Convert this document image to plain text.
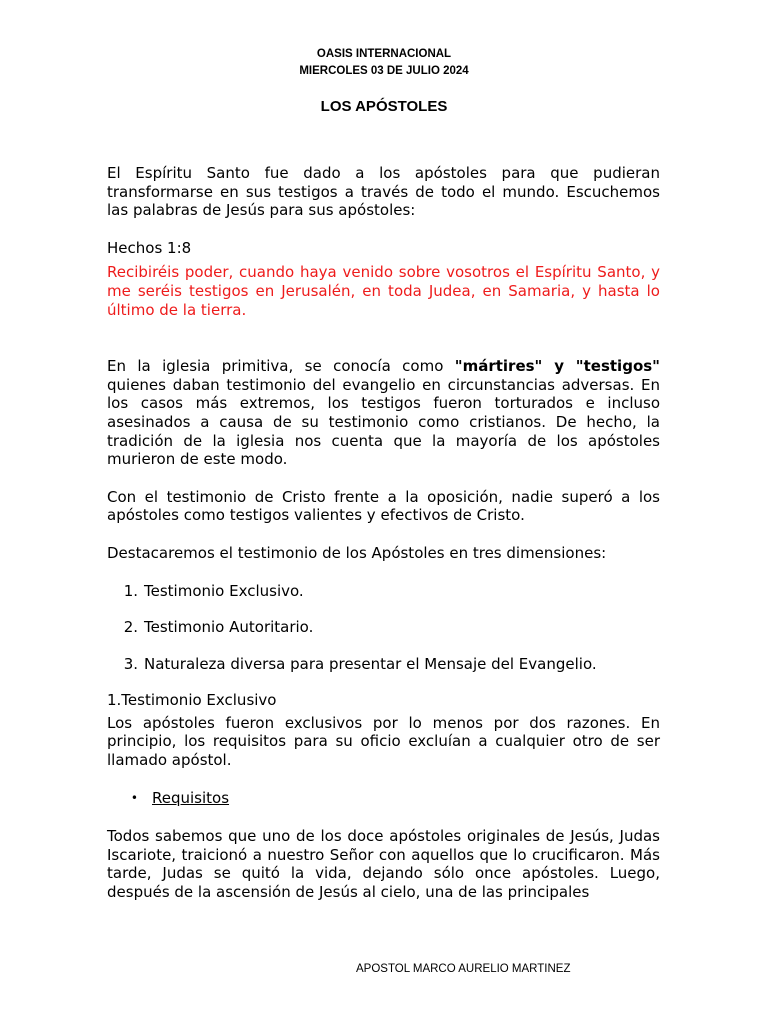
OASIS INTERNACIONAL
MIERCOLES 03 DE JULIO 2024
LOS APÓSTOLES

El Espíritu Santo fue dado a los apóstoles para que pudieran transformarse en sus testigos a través de todo el mundo. Escuchemos las palabras de Jesús para sus apóstoles:

Hechos 1:8

Recibiréis poder, cuando haya venido sobre vosotros el Espíritu Santo, y me seréis testigos en Jerusalén, en toda Judea, en Samaria, y hasta lo último de la tierra.

En la iglesia primitiva, se conocía como "mártires" y "testigos" quienes daban testimonio del evangelio en circunstancias adversas. En los casos más extremos, los testigos fueron torturados e incluso asesinados a causa de su testimonio como cristianos. De hecho, la tradición de la iglesia nos cuenta que la mayoría de los apóstoles murieron de este modo.

Con el testimonio de Cristo frente a la oposición, nadie superó a los apóstoles como testigos valientes y efectivos de Cristo.

Destacaremos el testimonio de los Apóstoles en tres dimensiones:

1. Testimonio Exclusivo.
2. Testimonio Autoritario.
3. Naturaleza diversa para presentar el Mensaje del Evangelio.

1.Testimonio Exclusivo

Los apóstoles fueron exclusivos por lo menos por dos razones. En principio, los requisitos para su oficio excluían a cualquier otro de ser llamado apóstol.

• Requisitos

Todos sabemos que uno de los doce apóstoles originales de Jesús, Judas Iscariote, traicionó a nuestro Señor con aquellos que lo crucificaron. Más tarde, Judas se quitó la vida, dejando sólo once apóstoles. Luego, después de la ascensión de Jesús al cielo, una de las principales

APOSTOL MARCO AURELIO MARTINEZ
